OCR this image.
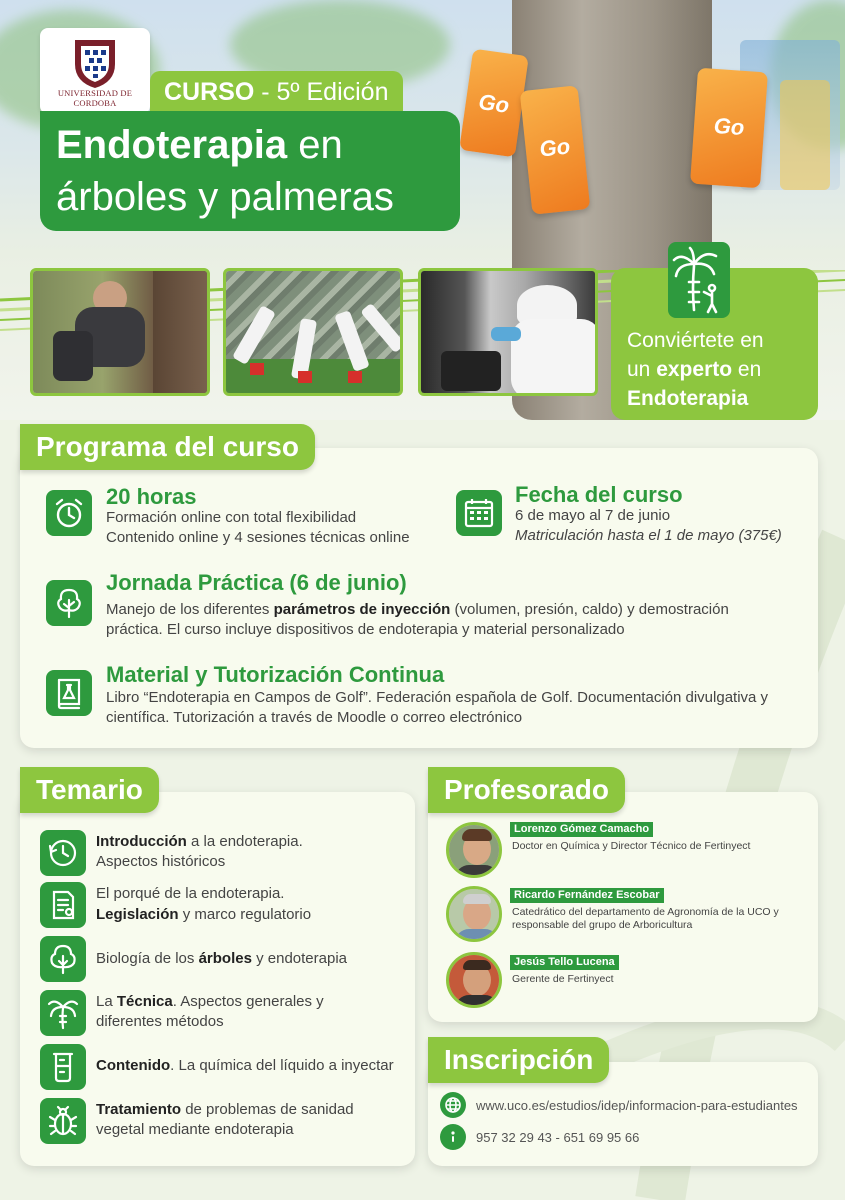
Go
Go
Go
UNIVERSIDAD DE CORDOBA	CURSO - 5º Edición
Endoterapia en
árboles y palmeras
Conviértete en
un experto en
Endoterapia
Programa del curso
20 horas
Formación online con total flexibilidad
Contenido online y 4 sesiones técnicas online
Fecha del curso
6 de mayo al 7 de junio
Matriculación hasta el 1 de mayo (375€)
Jornada Práctica (6 de junio)
Manejo de los diferentes parámetros de inyección (volumen, presión, caldo) y demostración
práctica. El curso incluye dispositivos de endoterapia y material personalizado
Material y Tutorización Continua
Libro “Endoterapia en Campos de Golf”. Federación española de Golf. Documentación divulgativa y
científica. Tutorización a través de Moodle o correo electrónico
Temario
Introducción a la endoterapia.
Aspectos históricos
El porqué de la endoterapia.
Legislación y marco regulatorio
Biología de los árboles y endoterapia
La Técnica. Aspectos generales y
diferentes métodos
Contenido. La química del líquido a inyectar
Tratamiento de problemas de sanidad
vegetal mediante endoterapia
Profesorado
Lorenzo Gómez Camacho
Doctor en Química y Director Técnico de Fertinyect
Ricardo Fernández Escobar
Catedrático del departamento de Agronomía de la UCO y
responsable del grupo de Arboricultura
Jesús Tello Lucena
Gerente de Fertinyect
Inscripción
www.uco.es/estudios/idep/informacion-para-estudiantes
957 32 29 43 - 651 69 95 66
